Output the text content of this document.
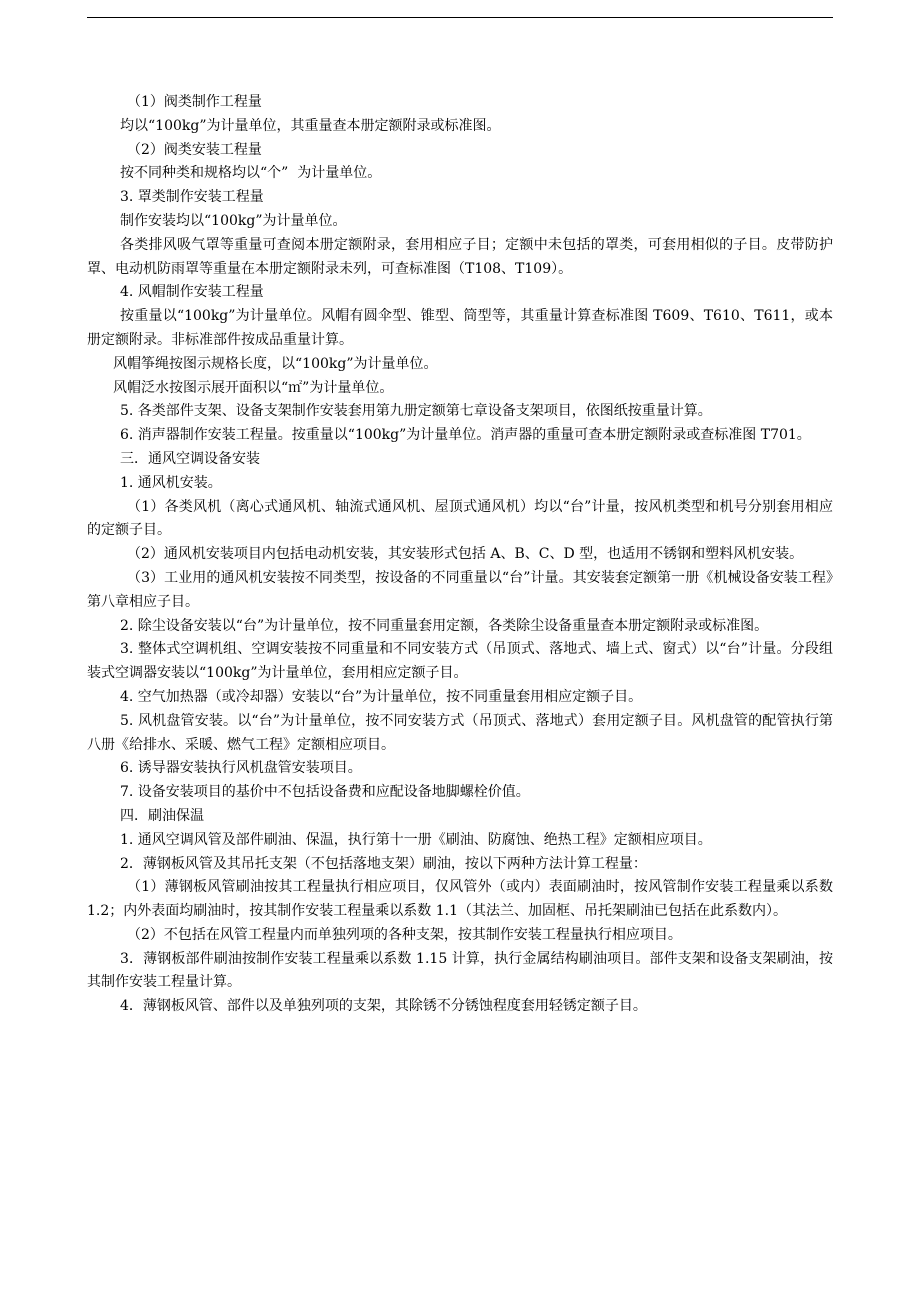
（1）阀类制作工程量

均以“100kg”为计量单位，其重量查本册定额附录或标准图。

（2）阀类安装工程量

按不同种类和规格均以“个”  为计量单位。

3. 罩类制作安装工程量

制作安装均以“100kg”为计量单位。

各类排风吸气罩等重量可查阅本册定额附录，套用相应子目；定额中未包括的罩类，可套用相似的子目。皮带防护罩、电动机防雨罩等重量在本册定额附录未列，可查标准图（T108、T109）。

4. 风帽制作安装工程量

按重量以“100kg”为计量单位。风帽有圆伞型、锥型、筒型等，其重量计算查标准图 T609、T610、T611，或本册定额附录。非标准部件按成品重量计算。

风帽筝绳按图示规格长度，以“100kg”为计量单位。

风帽泛水按图示展开面积以“㎡”为计量单位。

5. 各类部件支架、设备支架制作安装套用第九册定额第七章设备支架项目，依图纸按重量计算。

6. 消声器制作安装工程量。按重量以“100kg”为计量单位。消声器的重量可查本册定额附录或查标准图 T701。

三．通风空调设备安装

1. 通风机安装。

（1）各类风机（离心式通风机、轴流式通风机、屋顶式通风机）均以“台”计量，按风机类型和机号分别套用相应的定额子目。

（2）通风机安装项目内包括电动机安装，其安装形式包括 A、B、C、D 型，也适用不锈钢和塑料风机安装。

（3）工业用的通风机安装按不同类型，按设备的不同重量以“台”计量。其安装套定额第一册《机械设备安装工程》第八章相应子目。

2. 除尘设备安装以“台”为计量单位，按不同重量套用定额，各类除尘设备重量查本册定额附录或标准图。

3. 整体式空调机组、空调安装按不同重量和不同安装方式（吊顶式、落地式、墙上式、窗式）以“台”计量。分段组装式空调器安装以“100kg”为计量单位，套用相应定额子目。

4. 空气加热器（或冷却器）安装以“台”为计量单位，按不同重量套用相应定额子目。

5. 风机盘管安装。以“台”为计量单位，按不同安装方式（吊顶式、落地式）套用定额子目。风机盘管的配管执行第八册《给排水、采暖、燃气工程》定额相应项目。

6. 诱导器安装执行风机盘管安装项目。

7. 设备安装项目的基价中不包括设备费和应配设备地脚螺栓价值。

四．刷油保温

1. 通风空调风管及部件刷油、保温，执行第十一册《刷油、防腐蚀、绝热工程》定额相应项目。

2．薄钢板风管及其吊托支架（不包括落地支架）刷油，按以下两种方法计算工程量：

（1）薄钢板风管刷油按其工程量执行相应项目，仅风管外（或内）表面刷油时，按风管制作安装工程量乘以系数 1.2；内外表面均刷油时，按其制作安装工程量乘以系数 1.1（其法兰、加固框、吊托架刷油已包括在此系数内）。

（2）不包括在风管工程量内而单独列项的各种支架，按其制作安装工程量执行相应项目。

3．薄钢板部件刷油按制作安装工程量乘以系数 1.15 计算，执行金属结构刷油项目。部件支架和设备支架刷油，按其制作安装工程量计算。

4．薄钢板风管、部件以及单独列项的支架，其除锈不分锈蚀程度套用轻锈定额子目。
